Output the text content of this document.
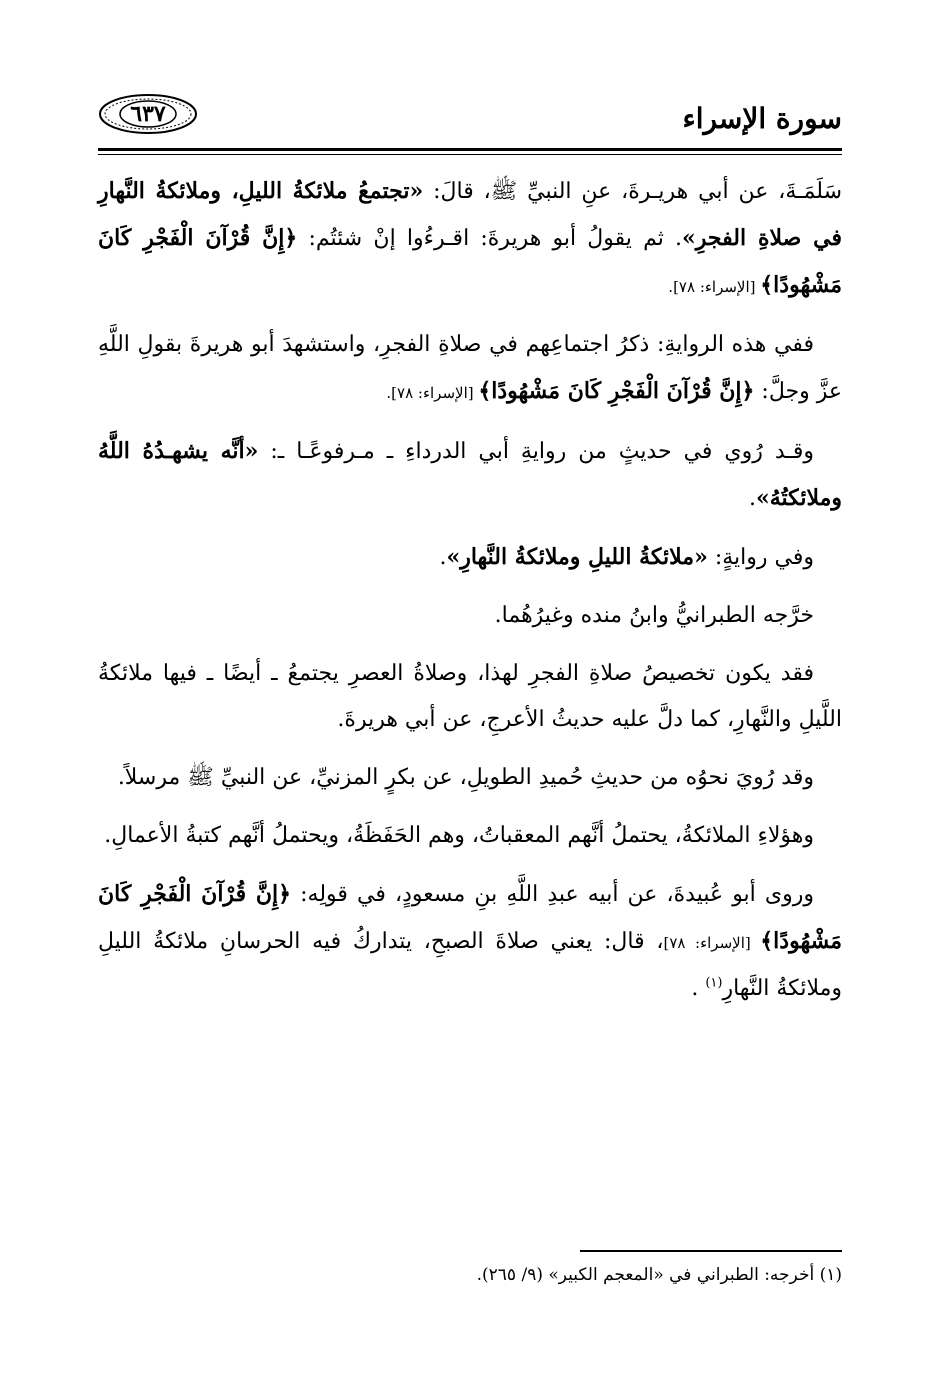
سورة الإسراء
٦٣٧

سَلَمَـةَ، عن أبي هريـرةَ، عنِ النبيِّ ﷺ، قالَ: «تجتمعُ ملائكةُ الليلِ، وملائكةُ النَّهارِ في صلاةِ الفجرِ». ثم يقولُ أبو هريرةَ: اقـرءُوا إنْ شئتُم: ﴿إِنَّ قُرْآنَ الْفَجْرِ كَانَ مَشْهُودًا﴾ [الإسراء: ٧٨].

ففي هذه الروايةِ: ذكرُ اجتماعِهم في صلاةِ الفجرِ، واستشهدَ أبو هريرةَ بقولِ اللَّهِ عزَّ وجلَّ: ﴿إِنَّ قُرْآنَ الْفَجْرِ كَانَ مَشْهُودًا﴾ [الإسراء: ٧٨].

وقـد رُوي في حديثٍ من روايةِ أبي الدرداءِ ـ مـرفوعًـا ـ: «أنَّه يشهـدُهُ اللَّهُ وملائكتُهُ».

وفي روايةٍ: «ملائكةُ الليلِ وملائكةُ النَّهارِ».

خرَّجه الطبرانيُّ وابنُ منده وغيرُهُما.

فقد يكون تخصيصُ صلاةِ الفجرِ لهذا، وصلاةُ العصرِ يجتمعُ ـ أيضًا ـ فيها ملائكةُ اللَّيلِ والنَّهارِ، كما دلَّ عليه حديثُ الأعرجِ، عن أبي هريرةَ.

وقد رُويَ نحوُه من حديثِ حُميدِ الطويلِ، عن بكرٍ المزنيِّ، عن النبيِّ ﷺ مرسلاً.

وهؤلاءِ الملائكةُ، يحتملُ أنَّهم المعقباتُ، وهم الحَفَظَةُ، ويحتملُ أنَّهم كتبةُ الأعمالِ.

وروى أبو عُبيدةَ، عن أبيه عبدِ اللَّهِ بنِ مسعودٍ، في قولِه: ﴿إِنَّ قُرْآنَ الْفَجْرِ كَانَ مَشْهُودًا﴾ [الإسراء: ٧٨]، قال: يعني صلاةَ الصبحِ، يتداركُ فيه الحرسانِ ملائكةُ الليلِ وملائكةُ النَّهارِ$^{(١)}$ .

(١) أخرجه: الطبراني في «المعجم الكبير» (٩/ ٢٦٥).
